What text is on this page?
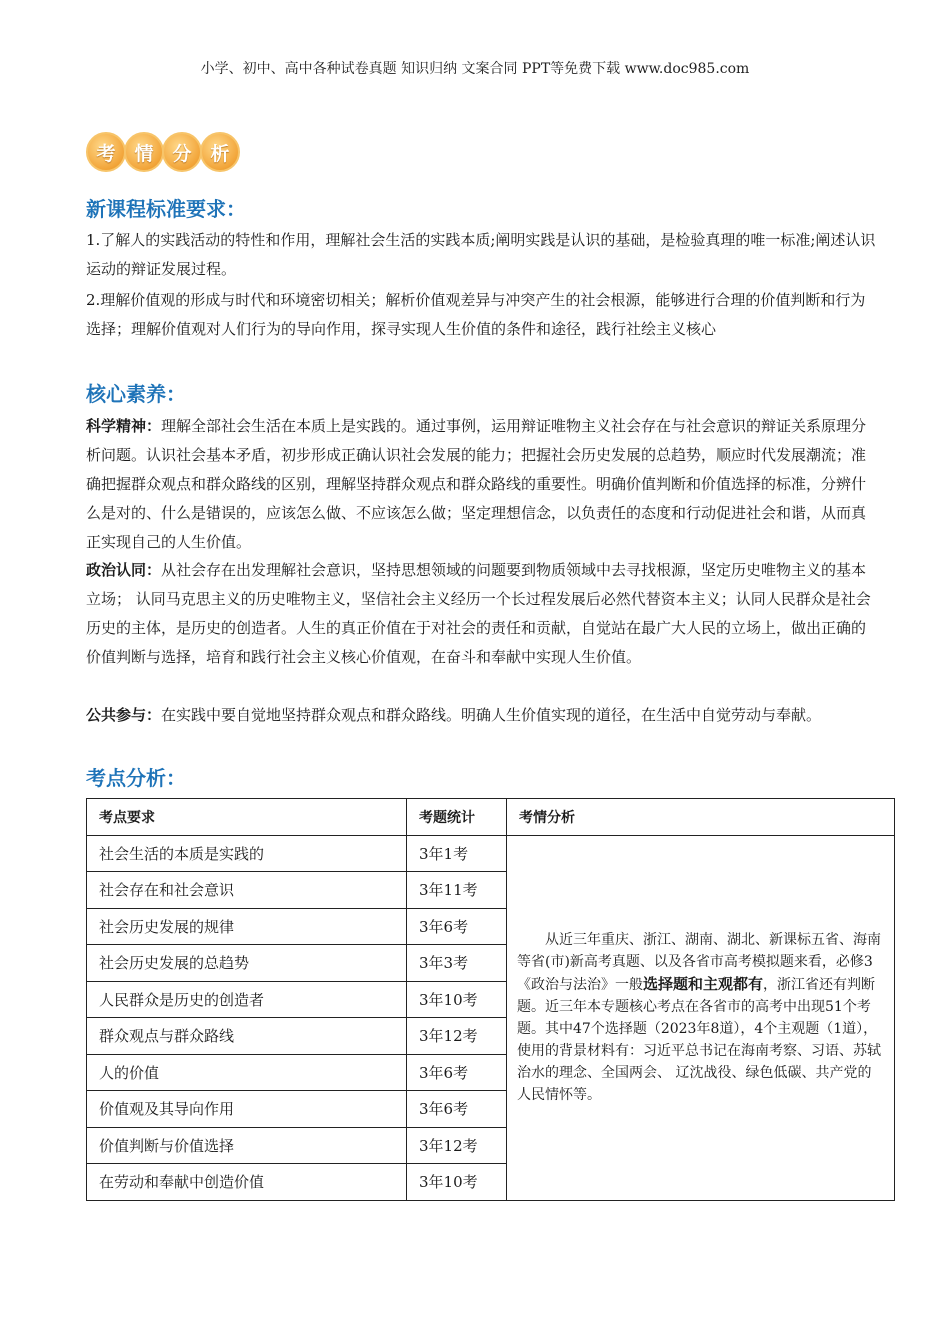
小学、初中、高中各种试卷真题 知识归纳 文案合同 PPT等免费下载 www.doc985.com
考 情 分 析
新课程标准要求：

1.了解人的实践活动的特性和作用，理解社会生活的实践本质;阐明实践是认识的基础，是检验真理的唯一标准;阐述认识运动的辩证发展过程。

2.理解价值观的形成与时代和环境密切相关；解析价值观差异与冲突产生的社会根源，能够进行合理的价值判断和行为选择；理解价值观对人们行为的导向作用，探寻实现人生价值的条件和途径，践行社绘主义核心

核心素养：

科学精神：理解全部社会生活在本质上是实践的。通过事例，运用辩证唯物主义社会存在与社会意识的辩证关系原理分析问题。认识社会基本矛盾，初步形成正确认识社会发展的能力；把握社会历史发展的总趋势，顺应时代发展潮流；准确把握群众观点和群众路线的区别，理解坚持群众观点和群众路线的重要性。明确价值判断和价值选择的标准，分辨什么是对的、什么是错误的，应该怎么做、不应该怎么做；坚定理想信念，以负责任的态度和行动促进社会和谐，从而真正实现自己的人生价值。

政治认同：从社会存在出发理解社会意识，坚持思想领域的问题要到物质领域中去寻找根源，坚定历史唯物主义的基本立场； 认同马克思主义的历史唯物主义，坚信社会主义经历一个长过程发展后必然代替资本主义；认同人民群众是社会历史的主体，是历史的创造者。人生的真正价值在于对社会的责任和贡献，自觉站在最广大人民的立场上，做出正确的价值判断与选择，培育和践行社会主义核心价值观，在奋斗和奉献中实现人生价值。

公共参与：在实践中要自觉地坚持群众观点和群众路线。明确人生价值实现的道径，在生活中自觉劳动与奉献。

考点分析：
考点要求	考题统计	考情分析
社会生活的本质是实践的	3年1考	从近三年重庆、浙江、湖南、湖北、新课标五省、海南等省(市)新高考真题、以及各省市高考模拟题来看，必修3《政治与法治》一般选择题和主观都有，浙江省还有判断题。近三年本专题核心考点在各省市的高考中出现51个考题。其中47个选择题（2023年8道），4个主观题（1道），使用的背景材料有：习近平总书记在海南考察、习语、苏轼治水的理念、全国两会、 辽沈战役、绿色低碳、共产党的人民情怀等。
社会存在和社会意识	3年11考	
社会历史发展的规律	3年6考	
社会历史发展的总趋势	3年3考	
人民群众是历史的创造者	3年10考	
群众观点与群众路线	3年12考	
人的价值	3年6考	
价值观及其导向作用	3年6考	
价值判断与价值选择	3年12考	
在劳动和奉献中创造价值	3年10考	
